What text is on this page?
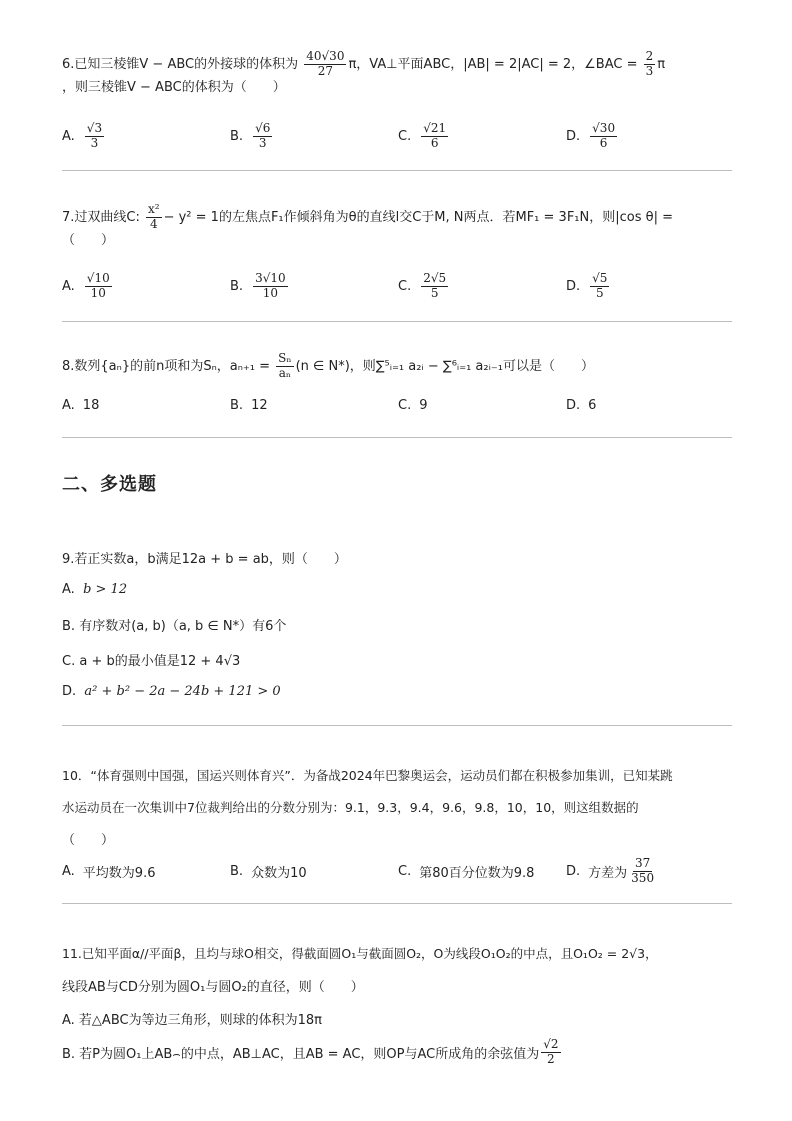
6.已知三棱锥V − ABC的外接球的体积为 $\frac{40√30}{27}$ π，VA⊥平面ABC，|AB| = 2|AC| = 2，∠BAC = $\frac{2}{3}$ π
，则三棱锥V − ABC的体积为（　　）
A. $\frac{√3}{3}$	B. $\frac{√6}{3}$	C. $\frac{√21}{6}$	D. $\frac{√30}{6}$
7.过双曲线C: $\frac{\text{x²}}{4} - y^2 = 1$的左焦点F₁作倾斜角为θ的直线l交C于M, N两点．若MF₁ = 3F₁N，则|cos θ| =
（　　）
A. $\frac{√10}{10}$	B. $\frac{3√10}{10}$	C. $\frac{2√5}{5}$	D. $\frac{√5}{5}$
8.数列{aₙ}的前n项和为Sₙ，$a_{n+1} = \frac{\text{Sₙ}}{\text{aₙ}} (n$ ∈ N*)，则∑⁵ᵢ₌₁ a₂ᵢ − ∑⁶ᵢ₌₁ a₂ᵢ₋₁可以是（　　）
A. 18	B. 12	C. 9	D. 6
二、多选题
9.若正实数a，b满足12a + b = ab，则（　　）
A. b > 12
B. 有序数对(a, b)（a, b ∈ N*）有6个
C. a + b的最小值是12 + 4√3
D. a² + b² − 2a − 24b + 121 > 0
10．“体育强则中国强，国运兴则体育兴”．为备战2024年巴黎奥运会，运动员们都在积极参加集训，已知某跳
水运动员在一次集训中7位裁判给出的分数分别为：9.1，9.3，9.4，9.6，9.8，10，10，则这组数据的
（　　）
A. 平均数为9.6	B. 众数为10	C. 第80百分位数为9.8 D. 方差为 $\frac{37}{350}$
11.已知平面α//平面β，且均与球O相交，得截面圆O₁与截面圆O₂，O为线段O₁O₂的中点，且O₁O₂ = 2√3，
线段AB与CD分别为圆O₁与圆O₂的直径，则（　　）
A. 若△ABC为等边三角形，则球的体积为18π
B. 若P为圆O₁上AB⌢的中点，AB⊥AC，且AB = AC，则OP与AC所成角的余弦值为 $\frac{√2}{2}$
